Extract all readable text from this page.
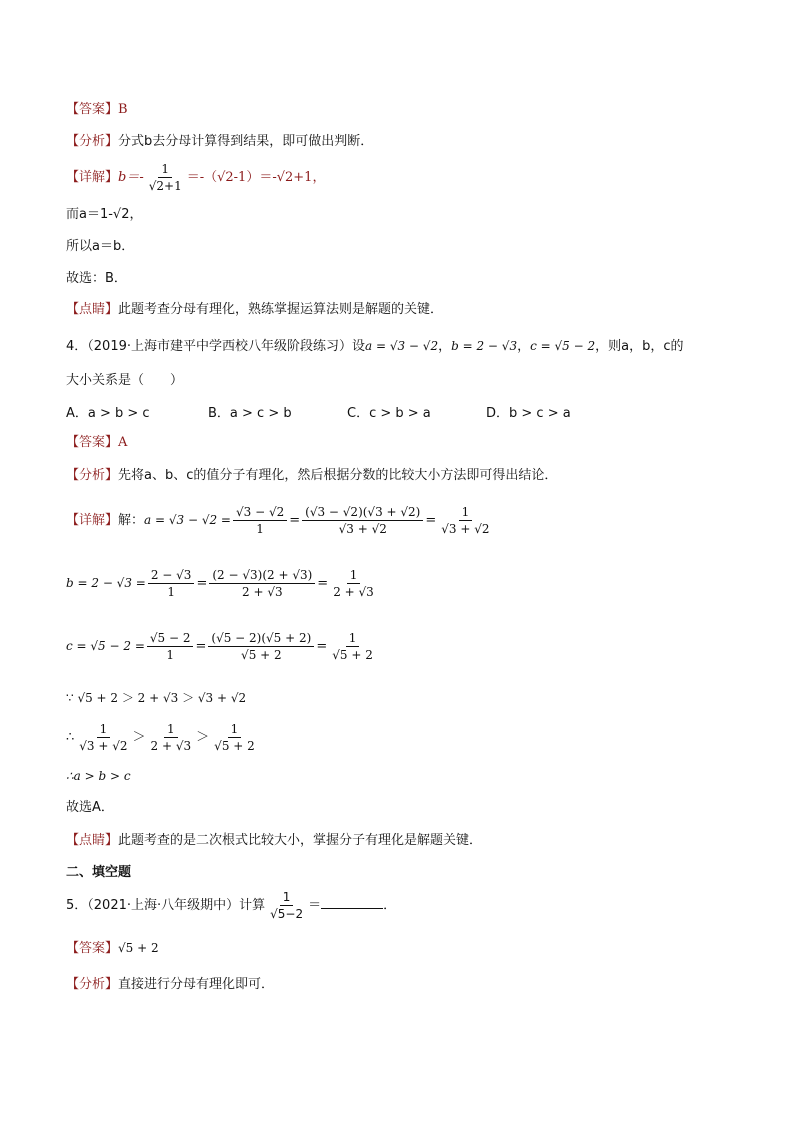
【答案】B
【分析】分式b去分母计算得到结果，即可做出判断．
【详解】$b=- \frac{1}{√2+1} =-(√2-1)=-√2+1$，
而a＝1-√2，
所以a＝b．
故选：B．
【点睛】此题考查分母有理化，熟练掌握运算法则是解题的关键．
4．（2019·上海市建平中学西校八年级阶段练习）设a = √3 − √2，b = 2 − √3，c = √5 − 2，则a，b，c的
大小关系是（　　）
A．a > b > c	B．a > c > b	C．c > b > a	D．b > c > a
【答案】A
【分析】先将a、b、c的值分子有理化，然后根据分数的比较大小方法即可得出结论．
【详解】解：$a = √3 - √2 = \frac{√3 - √2}{1} = \frac{(√3 - √2)(√3 + √2)}{√3 + √2} = \frac{1}{√3 + √2}$
$b = 2 - √3 = \frac{2 - √3}{1} = \frac{(2 - √3)(2 + √3)}{2 + √3} = \frac{1}{2 + √3}$
$c = √5 - 2 = \frac{√5 - 2}{1} = \frac{(√5 - 2)(√5 + 2)}{√5 + 2} = \frac{1}{√5 + 2}$
∵ √5 + 2 ＞ 2 + √3 ＞ √3 + √2
∴ $\frac{1}{√3 + √2} > \frac{1}{2 + √3} > \frac{1}{√5 + 2}$
∴a > b > c
故选A．
【点睛】此题考查的是二次根式比较大小，掌握分子有理化是解题关键．
二、填空题
5．（2021·上海·八年级期中）计算 $\frac{1}{√5-2}$ ＝	．
【答案】√5 + 2
【分析】直接进行分母有理化即可．
